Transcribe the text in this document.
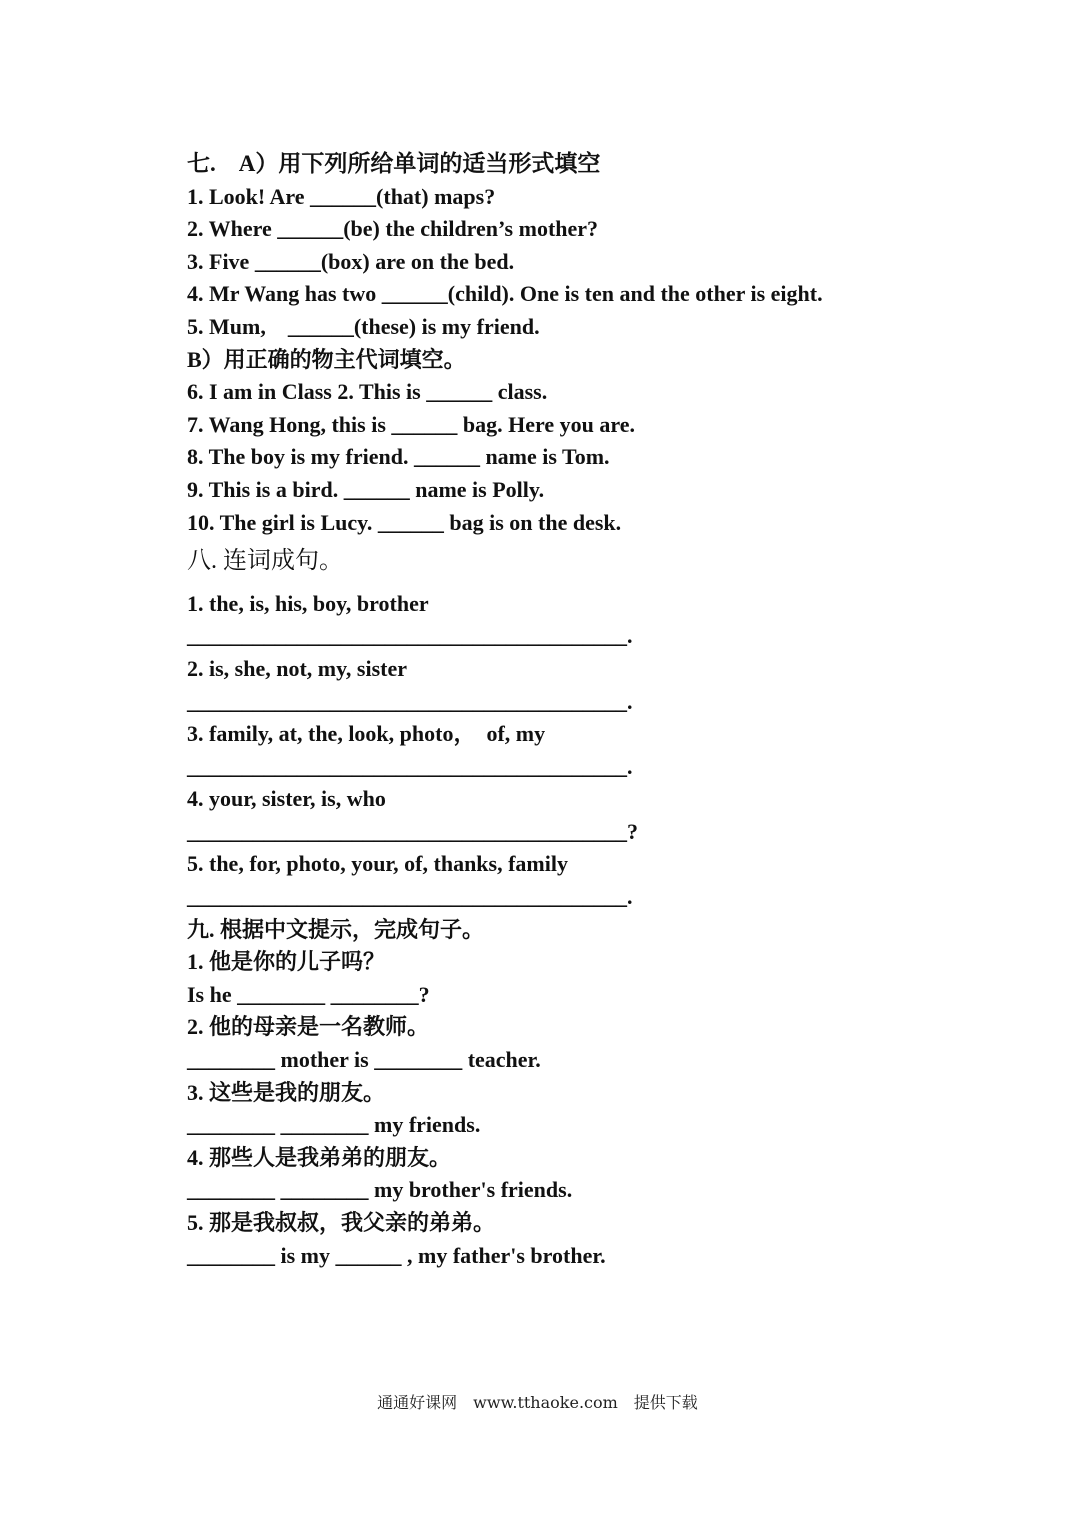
七.　A）用下列所给单词的适当形式填空
1. Look! Are ______(that) maps?
2. Where ______(be) the children’s mother?
3. Five ______(box) are on the bed.
4. Mr Wang has two ______(child). One is ten and the other is eight.
5. Mum,　______(these) is my friend.
B）用正确的物主代词填空。
6. I am in Class 2. This is ______ class.
7. Wang Hong, this is ______ bag. Here you are.
8. The boy is my friend. ______ name is Tom.
9. This is a bird. ______ name is Polly.
10. The girl is Lucy. ______ bag is on the desk.
八. 连词成句。
1. the, is, his, boy, brother
________________________________________.
2. is, she, not, my, sister
________________________________________.
3. family, at, the, look, photo，　of, my
________________________________________.
4. your, sister, is, who
________________________________________?
5. the, for, photo, your, of, thanks, family
________________________________________.
九. 根据中文提示，完成句子。
1. 他是你的儿子吗？
Is he ________ ________?
2. 他的母亲是一名教师。
________ mother is ________ teacher.
3. 这些是我的朋友。
________ ________ my friends.
4. 那些人是我弟弟的朋友。
________ ________ my brother's friends.
5. 那是我叔叔，我父亲的弟弟。
________ is my ______ , my father's brother.
通通好课网　www.tthaoke.com　提供下载
